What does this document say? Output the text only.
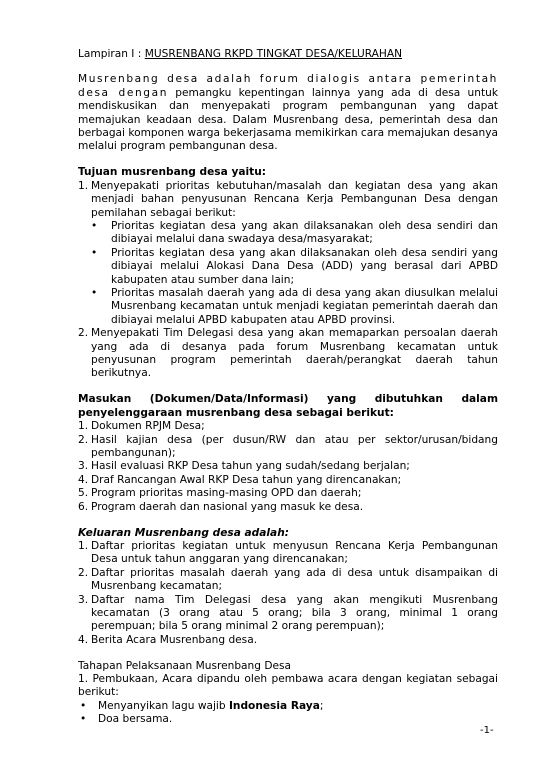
Lampiran I : MUSRENBANG RKPD TINGKAT DESA/KELURAHAN

Musrenbang desa adalah forum dialogis antara pemerintah desa dengan pemangku kepentingan lainnya yang ada di desa untuk mendiskusikan dan menyepakati program pembangunan yang dapat memajukan keadaan desa. Dalam Musrenbang desa, pemerintah desa dan berbagai komponen warga bekerjasama memikirkan cara memajukan desanya melalui program pembangunan desa.

Tujuan musrenbang desa yaitu:

1. Menyepakati prioritas kebutuhan/masalah dan kegiatan desa yang akan menjadi bahan penyusunan Rencana Kerja Pembangunan Desa dengan pemilahan sebagai berikut:
• Prioritas kegiatan desa yang akan dilaksanakan oleh desa sendiri dan dibiayai melalui dana swadaya desa/masyarakat;
• Prioritas kegiatan desa yang akan dilaksanakan oleh desa sendiri yang dibiayai melalui Alokasi Dana Desa (ADD) yang berasal dari APBD kabupaten atau sumber dana lain;
• Prioritas masalah daerah yang ada di desa yang akan diusulkan melalui Musrenbang kecamatan untuk menjadi kegiatan pemerintah daerah dan dibiayai melalui APBD kabupaten atau APBD provinsi.
2. Menyepakati Tim Delegasi desa yang akan memaparkan persoalan daerah yang ada di desanya pada forum Musrenbang kecamatan untuk penyusunan program pemerintah daerah/perangkat daerah tahun berikutnya.

Masukan (Dokumen/Data/Informasi) yang dibutuhkan dalam penyelenggaraan musrenbang desa sebagai berikut:

1. Dokumen RPJM Desa;
2. Hasil kajian desa (per dusun/RW dan atau per sektor/urusan/bidang pembangunan);
3. Hasil evaluasi RKP Desa tahun yang sudah/sedang berjalan;
4. Draf Rancangan Awal RKP Desa tahun yang direncanakan;
5. Program prioritas masing-masing OPD dan daerah;
6. Program daerah dan nasional yang masuk ke desa.

Keluaran Musrenbang desa adalah:

1. Daftar prioritas kegiatan untuk menyusun Rencana Kerja Pembangunan Desa untuk tahun anggaran yang direncanakan;
2. Daftar prioritas masalah daerah yang ada di desa untuk disampaikan di Musrenbang kecamatan;
3. Daftar nama Tim Delegasi desa yang akan mengikuti Musrenbang kecamatan (3 orang atau 5 orang; bila 3 orang, minimal 1 orang perempuan; bila 5 orang minimal 2 orang perempuan);
4. Berita Acara Musrenbang desa.

Tahapan Pelaksanaan Musrenbang Desa

1. Pembukaan, Acara dipandu oleh pembawa acara dengan kegiatan sebagai berikut:

• Menyanyikan lagu wajib Indonesia Raya;
• Doa bersama.
-1-
